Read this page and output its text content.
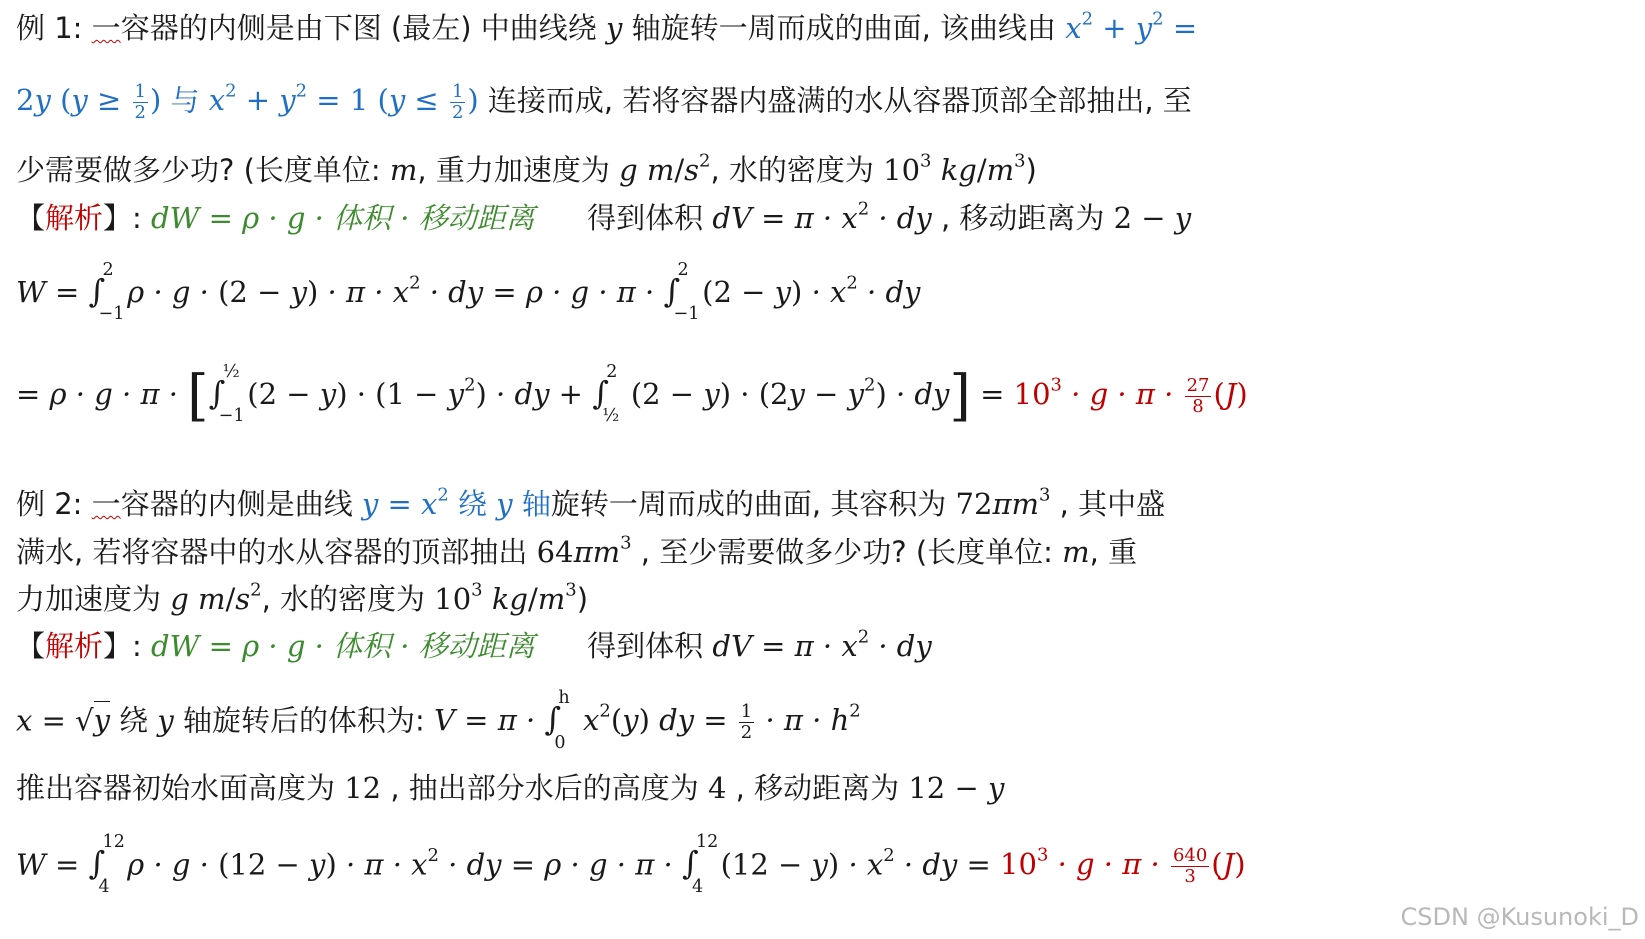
例 1: 一容器的内侧是由下图 (最左) 中曲线绕 y 轴旋转一周而成的曲面, 该曲线由 $x^2 + y^2$ =
2y ($y \ge \frac{1}{2}$ ) 与 $x^2 + y^2 = 1$ ($y \le \frac{1}{2}$ ) 连接而成, 若将容器内盛满的水从容器顶部全部抽出, 至
少需要做多少功? (长度单位: m, 重力加速度为 g $m/s^2$, 水的密度为 $10^3$ $kg/m^3$)
【解析】: dW = ρ · g · 体积 · 移动距离 得到体积 dV = $\pi \cdot x^2$ · dy , 移动距离为 2 − y
W = ∫
2
−1
$\rho \cdot g \cdot (2 - y) \cdot \pi \cdot x^2$ · dy = ρ · g · π · ∫
2
−1
$(2 - y) \cdot x^2$ · dy
= ρ · g · π · [∫
½
−1
$(2 - y) \cdot (1 - y^2)$ · dy + ∫
2
½
$(2 - y) \cdot (2y - y^2) \cdot dy] = 10^3 \cdot g \cdot \pi \cdot \frac{27}{8} (J)$
例 2: 一容器的内侧是曲线 $y = x^2$ 绕 y 轴旋转一周而成的曲面, 其容积为 $72\pi m^3$ , 其中盛
满水, 若将容器中的水从容器的顶部抽出 $64\pi m^3$ , 至少需要做多少功? (长度单位: m, 重
力加速度为 g $m/s^2$, 水的密度为 $10^3$ $kg/m^3$)
【解析】: dW = ρ · g · 体积 · 移动距离 得到体积 dV = $\pi \cdot x^2$ · dy
x = √y 绕 y 轴旋转后的体积为: V = π · ∫
h
0
$x^2(y)$ dy = $\frac{1}{2} \cdot \pi \cdot h^2$
推出容器初始水面高度为 12 , 抽出部分水后的高度为 4 , 移动距离为 12 − y
W = ∫
12
4
$\rho \cdot g \cdot (12 - y) \cdot \pi \cdot x^2$ · dy = ρ · g · π · ∫
12
4
$(12 - y) \cdot x^2$ · dy = $10^3 \cdot g \cdot \pi \cdot \frac{640}{3} (J)$
CSDN @Kusunoki_D
